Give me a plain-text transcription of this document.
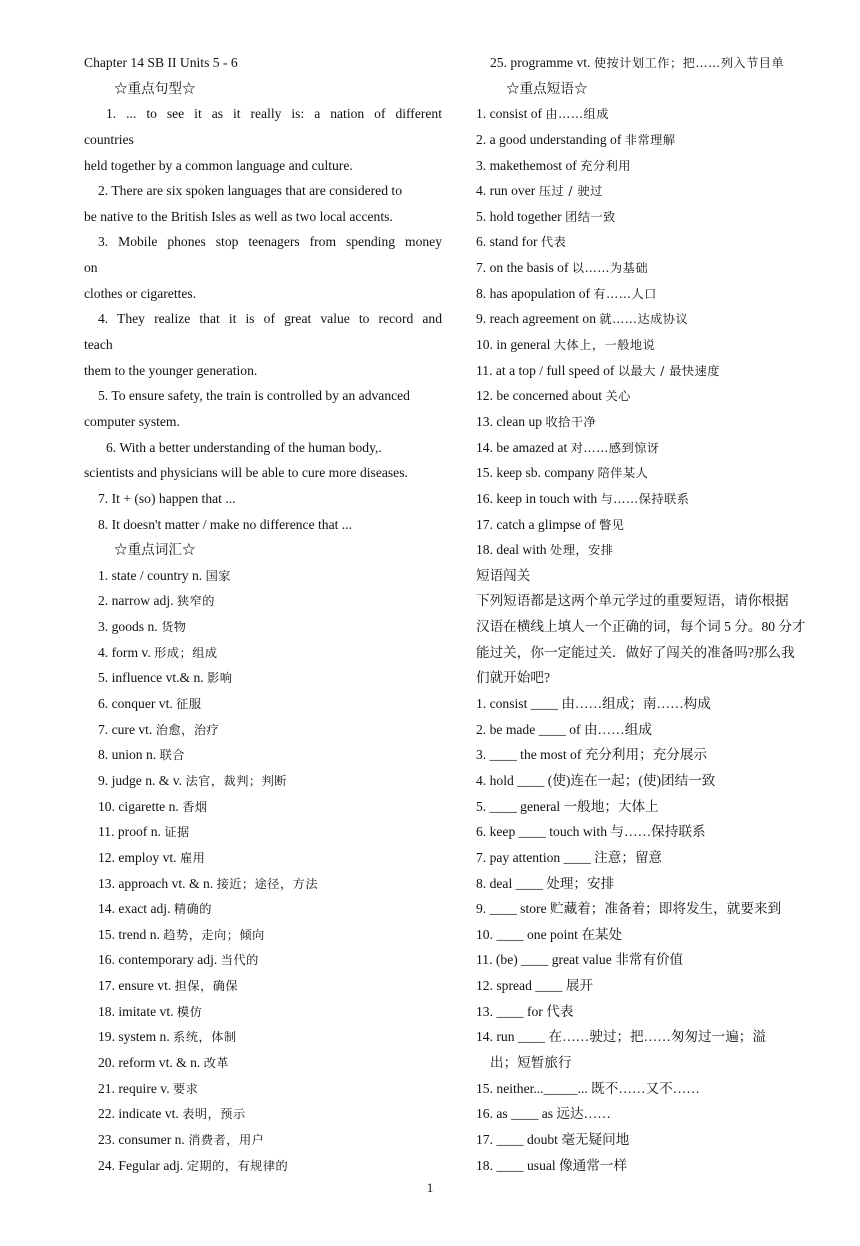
Chapter 14 SB II Units 5 - 6
☆重点句型☆
1. ... to see it as it really is: a nation of different
countries
held together by a common language and culture.
2. There are six spoken languages that are considered to
be native to the British Isles as well as two local accents.
3. Mobile phones stop teenagers from spending money
on
clothes or cigarettes.
4. They realize that it is of great value to record and
teach
them to the younger generation.
5. To ensure safety, the train is controlled by an advanced
computer system.
6. With a better understanding of the human body,.
scientists and physicians will be able to cure more diseases.
7. It + (so) happen that ...
8. It doesn't matter / make no difference that ...
☆重点词汇☆
1. state / country n. 国家
2. narrow adj. 狭窄的
3. goods n. 货物
4. form v. 形成；组成
5. influence vt.& n. 影响
6. conquer vt. 征服
7. cure vt. 治愈，治疗
8. union n. 联合
9. judge n. & v. 法官，裁判；判断
10. cigarette n. 香烟
11. proof n. 证据
12. employ vt. 雇用
13. approach vt. & n. 接近；途径，方法
14. exact adj. 精确的
15. trend n. 趋势，走向；倾向
16. contemporary adj. 当代的
17. ensure vt. 担保，确保
18. imitate vt. 模仿
19. system n. 系统，体制
20. reform vt. & n. 改革
21. require v. 要求
22. indicate vt. 表明，预示
23. consumer n. 消费者，用户
24. Fegular adj. 定期的，有规律的
25. programme vt. 使按计划工作；把……列入节目单
☆重点短语☆
1. consist of 由……组成
2. a good understanding of 非常理解
3. makethemost of 充分利用
4. run over 压过 / 驶过
5. hold together 团结一致
6. stand for 代表
7. on the basis of 以……为基础
8. has apopulation of 有……人口
9. reach agreement on 就……达成协议
10. in general 大体上，一般地说
11. at a top / full speed of 以最大 / 最快速度
12. be concerned about 关心
13. clean up 收拾干净
14. be amazed at 对……感到惊讶
15. keep sb. company 陪伴某人
16. keep in touch with 与……保持联系
17. catch a glimpse of 瞥见
18. deal with 处理，安排
短语闯关
下列短语都是这两个单元学过的重要短语，请你根据
汉语在横线上填人一个正确的词，每个词 5 分。80 分才
能过关，你一定能过关．做好了闯关的准备吗?那么我
们就开始吧?
1. consist ____ 由……组成；南……构成
2. be made ____ of 由……组成
3. ____ the most of 充分利用；充分展示
4. hold ____ (使)连在一起；(使)团结一致
5. ____ general 一般地；大体上
6. keep ____ touch with 与……保持联系
7. pay attention ____ 注意；留意
8. deal ____ 处理；安排
9. ____ store 贮藏着；准备着；即将发生，就要来到
10. ____ one point 在某处
11. (be) ____ great value 非常有价值
12. spread ____ 展开
13. ____ for 代表
14. run ____ 在……驶过；把……匆匆过一遍；溢
出；短暂旅行
15. neither..._____... 既不……又不……
16. as ____ as 远达……
17. ____ doubt 毫无疑问地
18. ____ usual 像通常一样
1
